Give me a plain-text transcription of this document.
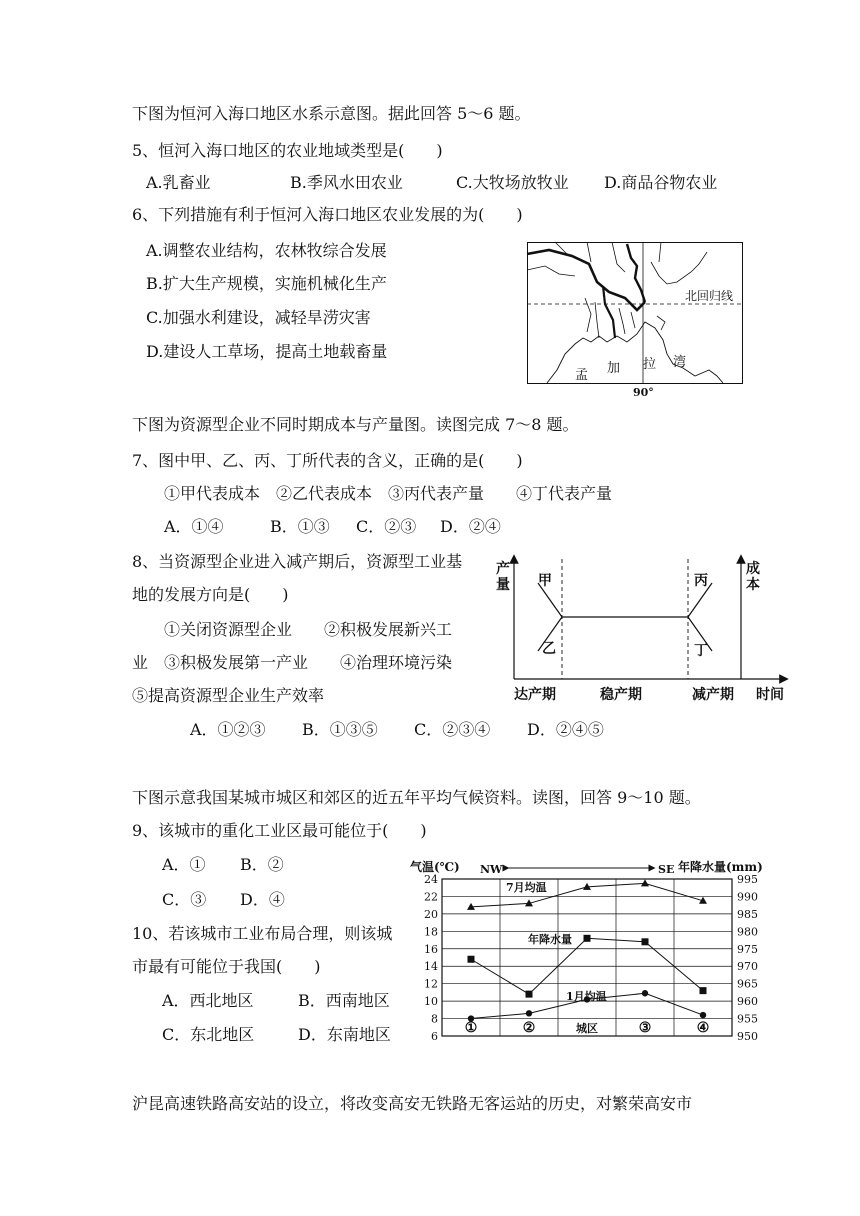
下图为恒河入海口地区水系示意图。据此回答 5～6 题。
5、恒河入海口地区的农业地域类型是(　　)
A.乳畜业	B.季风水田农业	C.大牧场放牧业 D.商品谷物农业
6、下列措施有利于恒河入海口地区农业发展的为(　　)
A.调整农业结构，农林牧综合发展
B.扩大生产规模，实施机械化生产
C.加强水利建设，减轻旱涝灾害
D.建设人工草场，提高土地载畜量
北回归线
孟 加 拉 湾
90°
下图为资源型企业不同时期成本与产量图。读图完成 7～8 题。
7、图中甲、乙、丙、丁所代表的含义，正确的是(　　)
①甲代表成本　②乙代表成本　③丙代表产量　　④丁代表产量
A．①④	B．①③ C．②③ D．②④
8、当资源型企业进入减产期后，资源型工业基
地的发展方向是(　　)
①关闭资源型企业　　②积极发展新兴工
业　③积极发展第一产业　　④治理环境污染
⑤提高资源型企业生产效率
A．①②③ B．①③⑤ C．②③④ D．②④⑤
产
量
成
本
甲
乙
丙
丁
达产期	稳产期	减产期 时间
下图示意我国某城市城区和郊区的近五年平均气候资料。读图，回答 9～10 题。
9、该城市的重化工业区最可能位于(　　)
A．① B．②
C．③ D．④
10、若该城市工业布局合理，则该城
市最有可能位于我国(　　)
A．西北地区	B．西南地区
C．东北地区	D．东南地区
气温(℃)	年降水量(mm)
NW	SE
6
8
10
12
14
16
18
20
22
24
950
955
960
965
970
975
980
985
990
995
①	②	城区	③	④
7月均温
年降水量
1月均温
沪昆高速铁路高安站的设立，将改变高安无铁路无客运站的历史，对繁荣高安市
